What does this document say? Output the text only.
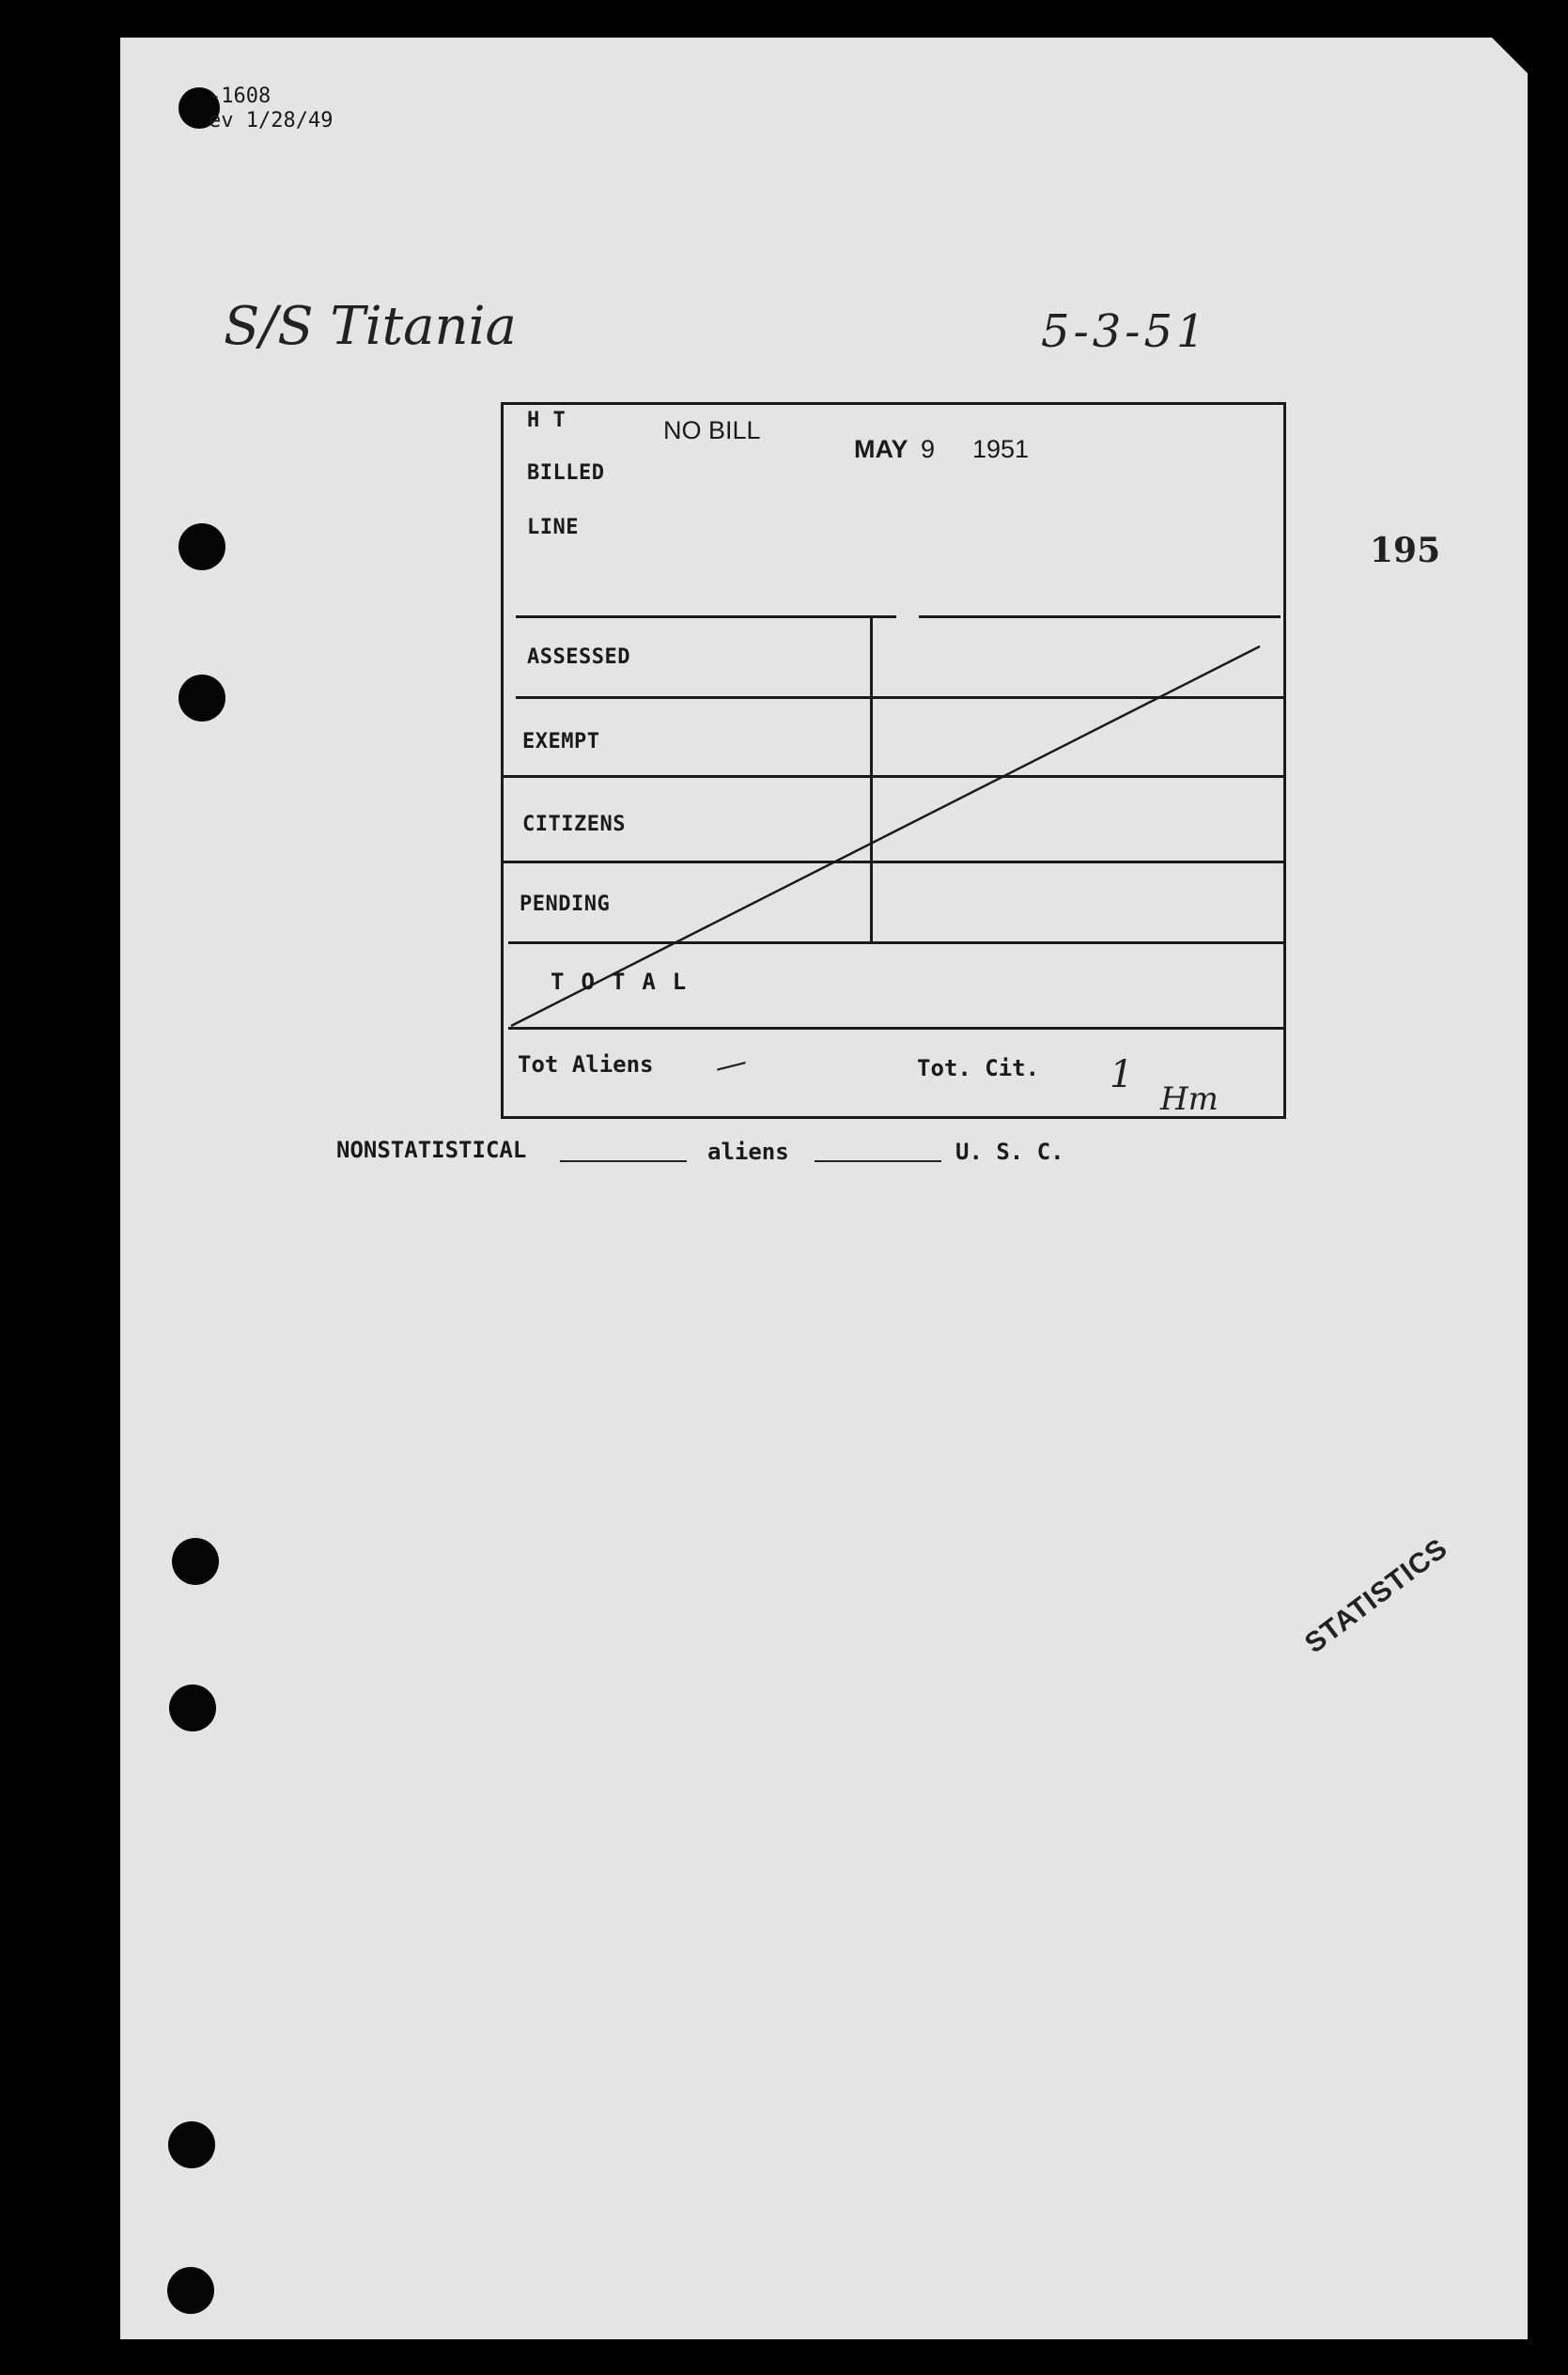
-1608
ev 1/28/49
S/S Titania	5-3-51
195
H T	NO BILL
MAY 9 1951
BILLED
LINE
ASSESSED
EXEMPT
CITIZENS
PENDING
TOTAL
Tot Aliens —	Tot. Cit. 1
Hm
NONSTATISTICAL	aliens	U. S. C.
STATISTICS
